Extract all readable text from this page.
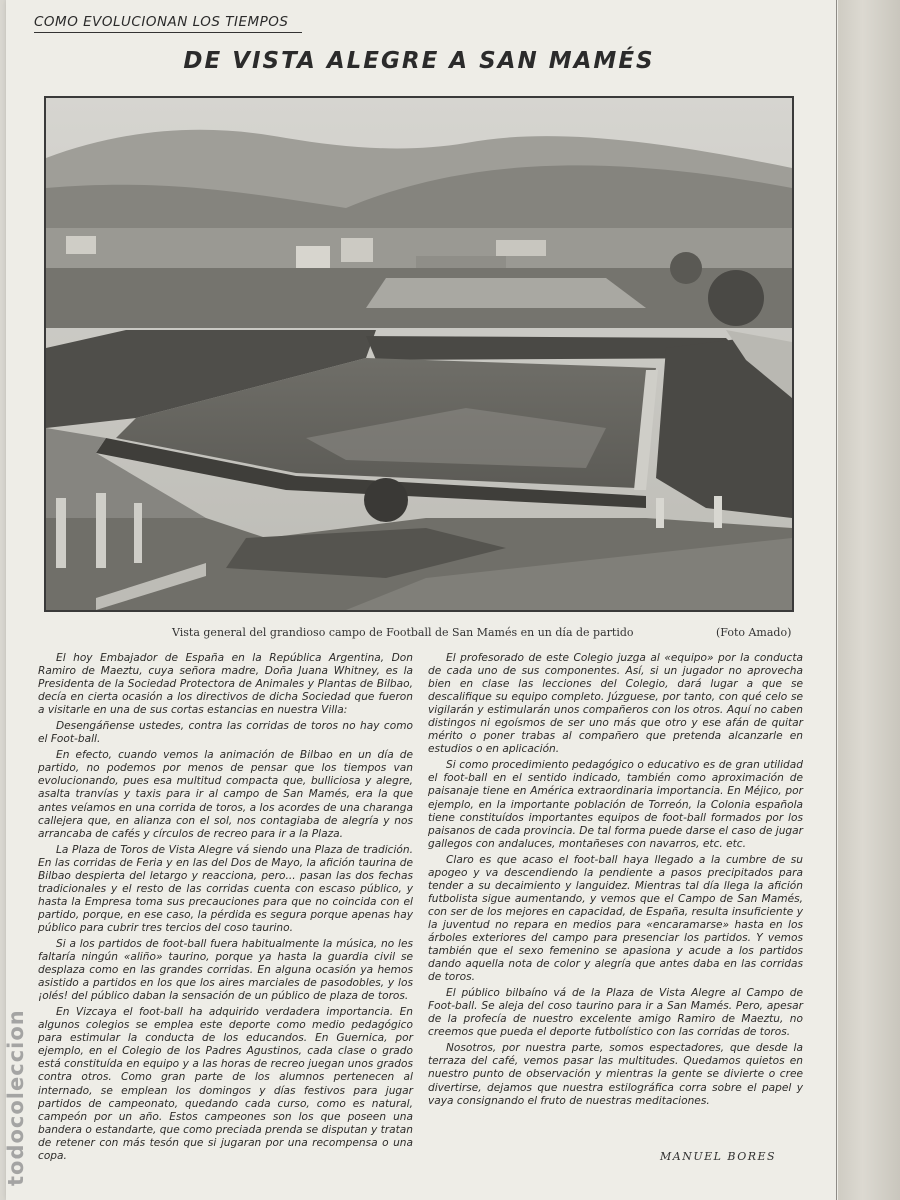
COMO EVOLUCIONAN LOS TIEMPOS
DE VISTA ALEGRE A SAN MAMÉS
Vista general del grandioso campo de Football de San Mamés en un día de partido	(Foto Amado)

El hoy Embajador de España en la República Argentina, Don Ramiro de Maeztu, cuya señora madre, Doña Juana Whitney, es la Presidenta de la Sociedad Protectora de Animales y Plantas de Bilbao, decía en cierta ocasión a los directivos de dicha Sociedad que fueron a visitarle en una de sus cortas estancias en nuestra Villa:

Desengáñense ustedes, contra las corridas de toros no hay como el Foot-ball.

En efecto, cuando vemos la animación de Bilbao en un día de partido, no podemos por menos de pensar que los tiempos van evolucionando, pues esa multitud compacta que, bulliciosa y alegre, asalta tranvías y taxis para ir al campo de San Mamés, era la que antes veíamos en una corrida de toros, a los acordes de una charanga callejera que, en alianza con el sol, nos contagiaba de alegría y nos arrancaba de cafés y círculos de recreo para ir a la Plaza.

La Plaza de Toros de Vista Alegre vá siendo una Plaza de tradición. En las corridas de Feria y en las del Dos de Mayo, la afición taurina de Bilbao despierta del letargo y reacciona, pero... pasan las dos fechas tradicionales y el resto de las corridas cuenta con escaso público, y hasta la Empresa toma sus precauciones para que no coincida con el partido, porque, en ese caso, la pérdida es segura porque apenas hay público para cubrir tres tercios del coso taurino.

Si a los partidos de foot-ball fuera habitualmente la música, no les faltaría ningún «aliño» taurino, porque ya hasta la guardia civil se desplaza como en las grandes corridas. En alguna ocasión ya hemos asistido a partidos en los que los aires marciales de pasodobles, y los ¡olés! del público daban la sensación de un público de plaza de toros.

En Vizcaya el foot-ball ha adquirido verdadera importancia. En algunos colegios se emplea este deporte como medio pedagógico para estimular la conducta de los educandos. En Guernica, por ejemplo, en el Colegio de los Padres Agustinos, cada clase o grado está constituída en equipo y a las horas de recreo juegan unos grados contra otros. Como gran parte de los alumnos pertenecen al internado, se emplean los domingos y días festivos para jugar partidos de campeonato, quedando cada curso, como es natural, campeón por un año. Estos campeones son los que poseen una bandera o estandarte, que como preciada prenda se disputan y tratan de retener con más tesón que si jugaran por una recompensa o una copa.

El profesorado de este Colegio juzga al «equipo» por la conducta de cada uno de sus componentes. Así, si un jugador no aprovecha bien en clase las lecciones del Colegio, dará lugar a que se descalifique su equipo completo. Júzguese, por tanto, con qué celo se vigilarán y estimularán unos compañeros con los otros. Aquí no caben distingos ni egoísmos de ser uno más que otro y ese afán de quitar mérito o poner trabas al compañero que pretenda alcanzarle en estudios o en aplicación.

Si como procedimiento pedagógico o educativo es de gran utilidad el foot-ball en el sentido indicado, también como aproximación de paisanaje tiene en América extraordinaria importancia. En Méjico, por ejemplo, en la importante población de Torreón, la Colonia española tiene constituídos importantes equipos de foot-ball formados por los paisanos de cada provincia. De tal forma puede darse el caso de jugar gallegos con andaluces, montañeses con navarros, etc. etc.

Claro es que acaso el foot-ball haya llegado a la cumbre de su apogeo y va descendiendo la pendiente a pasos precipitados para tender a su decaimiento y languidez. Mientras tal día llega la afición futbolista sigue aumentando, y vemos que el Campo de San Mamés, con ser de los mejores en capacidad, de España, resulta insuficiente y la juventud no repara en medios para «encaramarse» hasta en los árboles exteriores del campo para presenciar los partidos. Y vemos también que el sexo femenino se apasiona y acude a los partidos dando aquella nota de color y alegría que antes daba en las corridas de toros.

El público bilbaíno vá de la Plaza de Vista Alegre al Campo de Foot-ball. Se aleja del coso taurino para ir a San Mamés. Pero, apesar de la profecía de nuestro excelente amigo Ramiro de Maeztu, no creemos que pueda el deporte futbolístico con las corridas de toros.

Nosotros, por nuestra parte, somos espectadores, que desde la terraza del café, vemos pasar las multitudes. Quedamos quietos en nuestro punto de observación y mientras la gente se divierte o cree divertirse, dejamos que nuestra estilográfica corra sobre el papel y vaya consignando el fruto de nuestras meditaciones.

MANUEL BORES
todocoleccion
